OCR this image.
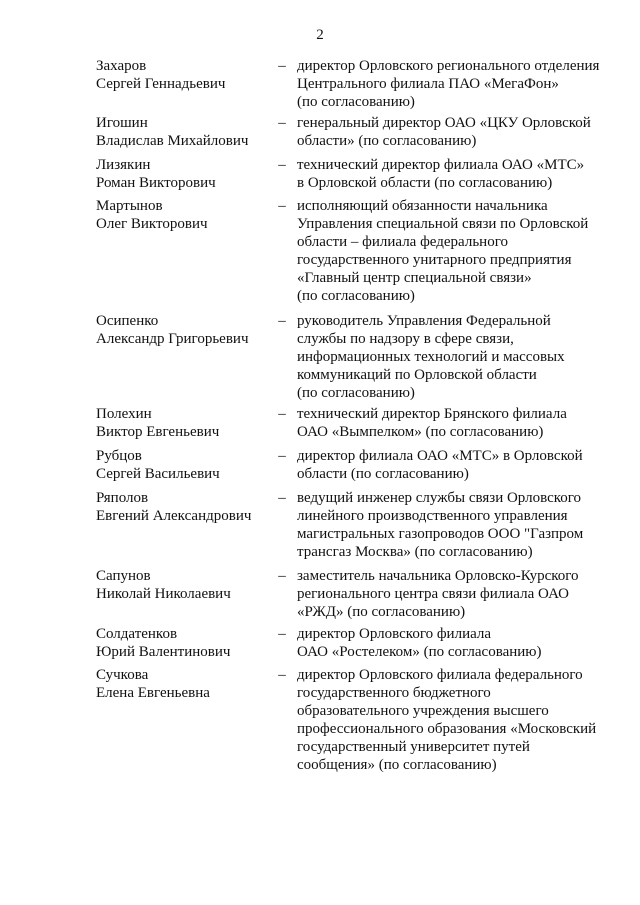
2
Захаров
Сергей Геннадьевич
– директор Орловского регионального отделения
Центрального филиала ПАО «МегаФон»
(по согласованию)
Игошин
Владислав Михайлович
– генеральный директор ОАО «ЦКУ Орловской
области» (по согласованию)
Лизякин
Роман Викторович
– технический директор филиала ОАО «МТС»
в Орловской области (по согласованию)
Мартынов
Олег Викторович
– исполняющий обязанности начальника
Управления специальной связи по Орловской
области – филиала федерального
государственного унитарного предприятия
«Главный центр специальной связи»
(по согласованию)
Осипенко
Александр Григорьевич
– руководитель Управления Федеральной
службы по надзору в сфере связи,
информационных технологий и массовых
коммуникаций по Орловской области
(по согласованию)
Полехин
Виктор Евгеньевич
– технический директор Брянского филиала
ОАО «Вымпелком» (по согласованию)
Рубцов
Сергей Васильевич
– директор филиала ОАО «МТС» в Орловской
области (по согласованию)
Ряполов
Евгений Александрович
– ведущий инженер службы связи Орловского
линейного производственного управления
магистральных газопроводов ООО "Газпром
трансгаз Москва» (по согласованию)
Сапунов
Николай Николаевич
– заместитель начальника Орловско-Курского
регионального центра связи филиала ОАО
«РЖД» (по согласованию)
Солдатенков
Юрий Валентинович
– директор Орловского филиала
ОАО «Ростелеком» (по согласованию)
Сучкова
Елена Евгеньевна
– директор Орловского филиала федерального
государственного бюджетного
образовательного учреждения высшего
профессионального образования «Московский
государственный университет путей
сообщения» (по согласованию)
